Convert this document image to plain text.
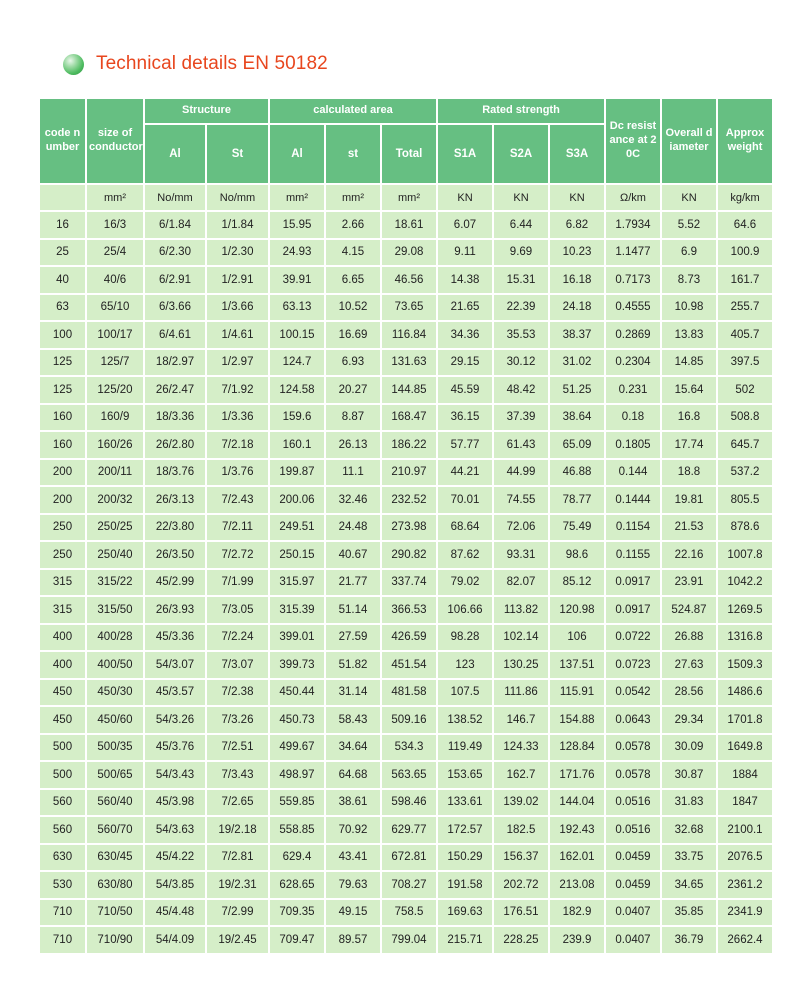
Technical details EN 50182
code number	size of conductor	Structure		calculated area			Rated strength			Dc resistance at 20C	Overall diameter	Approx weight
		Al	St	Al	st	Total	S1A	S2A	S3A			
	mm²	No/mm	No/mm	mm²	mm²	mm²	KN	KN	KN	Ω/km	KN	kg/km
16	16/3	6/1.84	1/1.84	15.95	2.66	18.61	6.07	6.44	6.82	1.7934	5.52	64.6
25	25/4	6/2.30	1/2.30	24.93	4.15	29.08	9.11	9.69	10.23	1.1477	6.9	100.9
40	40/6	6/2.91	1/2.91	39.91	6.65	46.56	14.38	15.31	16.18	0.7173	8.73	161.7
63	65/10	6/3.66	1/3.66	63.13	10.52	73.65	21.65	22.39	24.18	0.4555	10.98	255.7
100	100/17	6/4.61	1/4.61	100.15	16.69	116.84	34.36	35.53	38.37	0.2869	13.83	405.7
125	125/7	18/2.97	1/2.97	124.7	6.93	131.63	29.15	30.12	31.02	0.2304	14.85	397.5
125	125/20	26/2.47	7/1.92	124.58	20.27	144.85	45.59	48.42	51.25	0.231	15.64	502
160	160/9	18/3.36	1/3.36	159.6	8.87	168.47	36.15	37.39	38.64	0.18	16.8	508.8
160	160/26	26/2.80	7/2.18	160.1	26.13	186.22	57.77	61.43	65.09	0.1805	17.74	645.7
200	200/11	18/3.76	1/3.76	199.87	11.1	210.97	44.21	44.99	46.88	0.144	18.8	537.2
200	200/32	26/3.13	7/2.43	200.06	32.46	232.52	70.01	74.55	78.77	0.1444	19.81	805.5
250	250/25	22/3.80	7/2.11	249.51	24.48	273.98	68.64	72.06	75.49	0.1154	21.53	878.6
250	250/40	26/3.50	7/2.72	250.15	40.67	290.82	87.62	93.31	98.6	0.1155	22.16	1007.8
315	315/22	45/2.99	7/1.99	315.97	21.77	337.74	79.02	82.07	85.12	0.0917	23.91	1042.2
315	315/50	26/3.93	7/3.05	315.39	51.14	366.53	106.66	113.82	120.98	0.0917	524.87	1269.5
400	400/28	45/3.36	7/2.24	399.01	27.59	426.59	98.28	102.14	106	0.0722	26.88	1316.8
400	400/50	54/3.07	7/3.07	399.73	51.82	451.54	123	130.25	137.51	0.0723	27.63	1509.3
450	450/30	45/3.57	7/2.38	450.44	31.14	481.58	107.5	111.86	115.91	0.0542	28.56	1486.6
450	450/60	54/3.26	7/3.26	450.73	58.43	509.16	138.52	146.7	154.88	0.0643	29.34	1701.8
500	500/35	45/3.76	7/2.51	499.67	34.64	534.3	119.49	124.33	128.84	0.0578	30.09	1649.8
500	500/65	54/3.43	7/3.43	498.97	64.68	563.65	153.65	162.7	171.76	0.0578	30.87	1884
560	560/40	45/3.98	7/2.65	559.85	38.61	598.46	133.61	139.02	144.04	0.0516	31.83	1847
560	560/70	54/3.63	19/2.18	558.85	70.92	629.77	172.57	182.5	192.43	0.0516	32.68	2100.1
630	630/45	45/4.22	7/2.81	629.4	43.41	672.81	150.29	156.37	162.01	0.0459	33.75	2076.5
530	630/80	54/3.85	19/2.31	628.65	79.63	708.27	191.58	202.72	213.08	0.0459	34.65	2361.2
710	710/50	45/4.48	7/2.99	709.35	49.15	758.5	169.63	176.51	182.9	0.0407	35.85	2341.9
710	710/90	54/4.09	19/2.45	709.47	89.57	799.04	215.71	228.25	239.9	0.0407	36.79	2662.4
